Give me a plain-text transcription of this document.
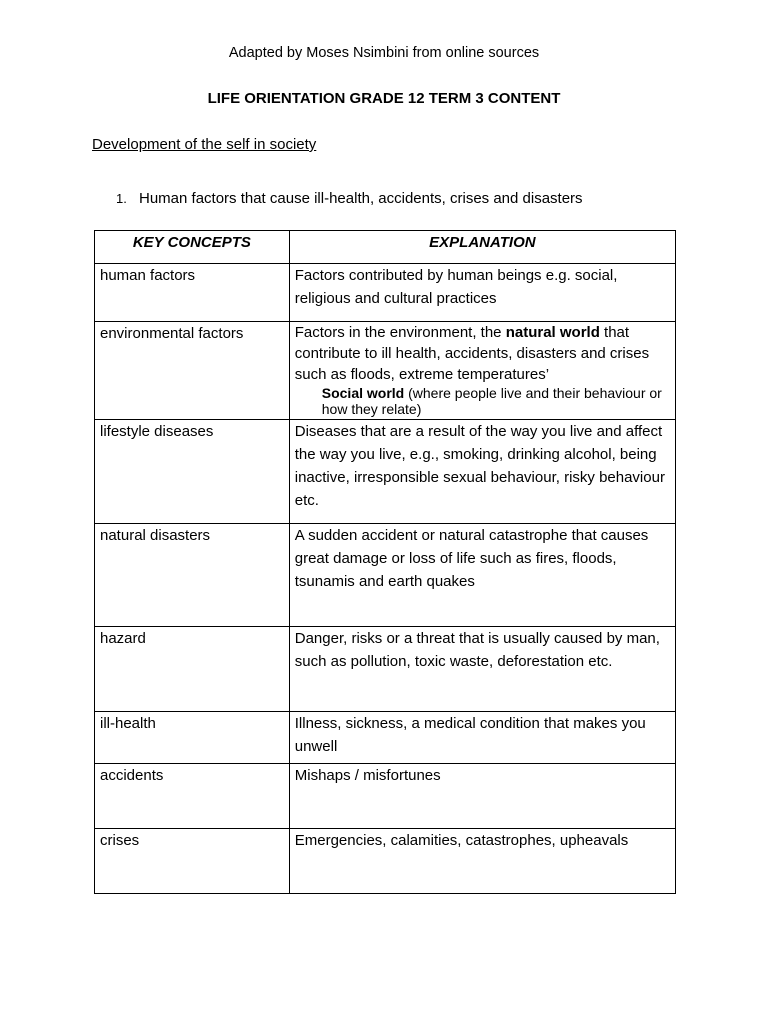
Adapted by Moses Nsimbini from online sources
LIFE ORIENTATION GRADE 12 TERM 3 CONTENT
Development of the self in society
1. Human factors that cause ill-health, accidents, crises and disasters
KEY CONCEPTS	EXPLANATION
human factors	Factors contributed by human beings e.g. social, religious and cultural practices
environmental factors	Factors in the environment, the natural world that contribute to ill health, accidents, disasters and crises such as floods, extreme temperatures’
Social world (where people live and their behaviour or how they relate)

lifestyle diseases	Diseases that are a result of the way you live and affect the way you live, e.g., smoking, drinking alcohol, being inactive, irresponsible sexual behaviour, risky behaviour etc.
natural disasters	A sudden accident or natural catastrophe that causes great damage or loss of life such as fires, floods, tsunamis and earth quakes
hazard	Danger, risks or a threat that is usually caused by man, such as pollution, toxic waste, deforestation etc.
ill-health	Illness, sickness, a medical condition that makes you unwell
accidents	Mishaps / misfortunes
crises	Emergencies, calamities, catastrophes, upheavals
